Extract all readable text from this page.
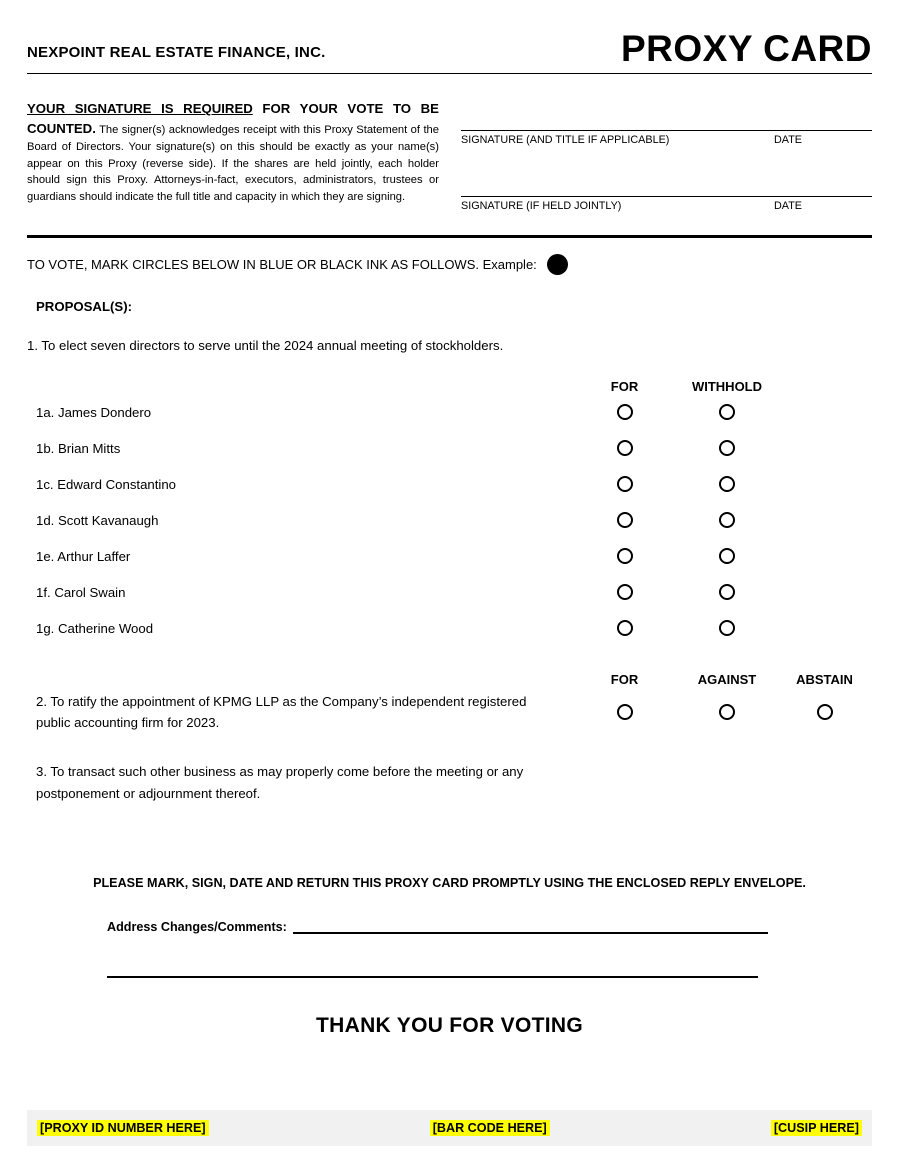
NEXPOINT REAL ESTATE FINANCE, INC.	PROXY CARD

YOUR SIGNATURE IS REQUIRED FOR YOUR VOTE TO BE COUNTED. The signer(s) acknowledges receipt with this Proxy Statement of the Board of Directors. Your signature(s) on this should be exactly as your name(s) appear on this Proxy (reverse side). If the shares are held jointly, each holder should sign this Proxy. Attorneys-in-fact, executors, administrators, trustees or guardians should indicate the full title and capacity in which they are signing.

SIGNATURE (AND TITLE IF APPLICABLE)	DATE
SIGNATURE (IF HELD JOINTLY)	DATE
TO VOTE, MARK CIRCLES BELOW IN BLUE OR BLACK INK AS FOLLOWS. Example:
PROPOSAL(S):
1. To elect seven directors to serve until the 2024 annual meeting of stockholders.
FOR	WITHHOLD
1a. James Dondero
1b. Brian Mitts
1c. Edward Constantino
1d. Scott Kavanaugh
1e. Arthur Laffer
1f. Carol Swain
1g. Catherine Wood
FOR	AGAINST	ABSTAIN
2. To ratify the appointment of KPMG LLP as the Company’s independent registered public accounting firm for 2023.
3. To transact such other business as may properly come before the meeting or any postponement or adjournment thereof.
PLEASE MARK, SIGN, DATE AND RETURN THIS PROXY CARD PROMPTLY USING THE ENCLOSED REPLY ENVELOPE.
Address Changes/Comments:
THANK YOU FOR VOTING
[PROXY ID NUMBER HERE]	[BAR CODE HERE]	[CUSIP HERE]
